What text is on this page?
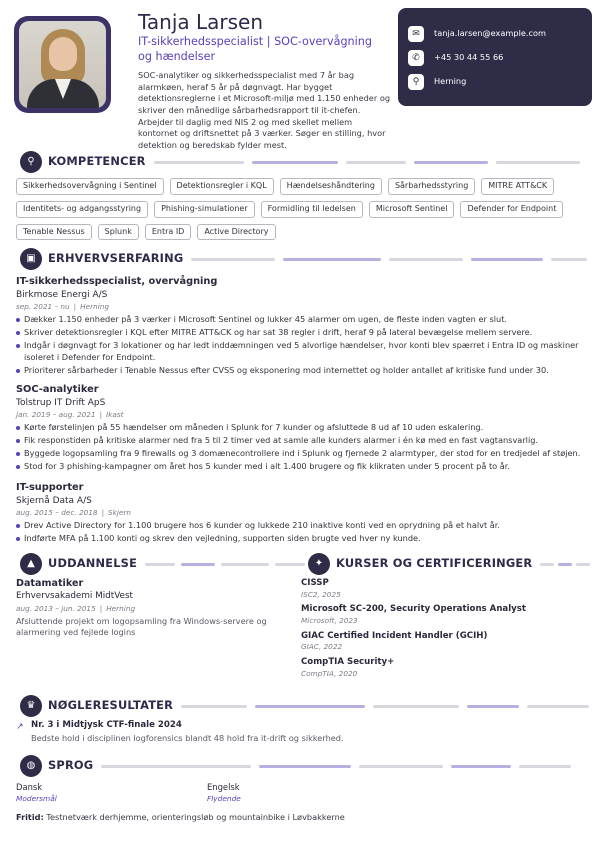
Tanja Larsen
IT-sikkerhedsspecialist | SOC-overvågning og hændelser
SOC-analytiker og sikkerhedsspecialist med 7 år bag alarmkøen, heraf 5 år på døgnvagt. Har bygget detektionsreglerne i et Microsoft-miljø med 1.150 enheder og skriver den månedlige sårbarhedsrapport til it-chefen. Arbejder til daglig med NIS 2 og med skellet mellem kontornet og driftsnettet på 3 værker. Søger en stilling, hvor detektion og beredskab fylder mest.
✉	tanja.larsen@example.com
✆	+45 30 44 55 66
⚲	Herning
⚲	KOMPETENCER
Sikkerhedsovervågning i Sentinel	Detektionsregler i KQL	Hændelseshåndtering	Sårbarhedsstyring	MITRE ATT&CK
Identitets- og adgangsstyring	Phishing-simulationer	Formidling til ledelsen	Microsoft Sentinel	Defender for Endpoint
Tenable Nessus	Splunk	Entra ID	Active Directory
▣	ERHVERVSERFARING
IT-sikkerhedsspecialist, overvågning
Birkmose Energi A/S
sep. 2021 – nu | Herning
Dækker 1.150 enheder på 3 værker i Microsoft Sentinel og lukker 45 alarmer om ugen, de fleste inden vagten er slut.
Skriver detektionsregler i KQL efter MITRE ATT&CK og har sat 38 regler i drift, heraf 9 på lateral bevægelse mellem servere.
Indgår i døgnvagt for 3 lokationer og har ledt inddæmningen ved 5 alvorlige hændelser, hvor konti blev spærret i Entra ID og maskiner isoleret i Defender for Endpoint.
Prioriterer sårbarheder i Tenable Nessus efter CVSS og eksponering mod internettet og holder antallet af kritiske fund under 30.
SOC-analytiker
Tolstrup IT Drift ApS
jan. 2019 – aug. 2021 | Ikast
Kørte førstelinjen på 55 hændelser om måneden i Splunk for 7 kunder og afsluttede 8 ud af 10 uden eskalering.
Fik responstiden på kritiske alarmer ned fra 5 til 2 timer ved at samle alle kunders alarmer i én kø med en fast vagtansvarlig.
Byggede logopsamling fra 9 firewalls og 3 domænecontrollere ind i Splunk og fjernede 2 alarmtyper, der stod for en tredjedel af støjen.
Stod for 3 phishing-kampagner om året hos 5 kunder med i alt 1.400 brugere og fik klikraten under 5 procent på to år.
IT-supporter
Skjernå Data A/S
aug. 2015 – dec. 2018 | Skjern
Drev Active Directory for 1.100 brugere hos 6 kunder og lukkede 210 inaktive konti ved en oprydning på et halvt år.
Indførte MFA på 1.100 konti og skrev den vejledning, supporten siden brugte ved hver ny kunde.
▲	UDDANNELSE
Datamatiker
Erhvervsakademi MidtVest
aug. 2013 – jun. 2015 | Herning
Afsluttende projekt om logopsamling fra Windows-servere og alarmering ved fejlede logins
✦	KURSER OG CERTIFICERINGER
CISSP
ISC2, 2025
Microsoft SC-200, Security Operations Analyst
Microsoft, 2023
GIAC Certified Incident Handler (GCIH)
GIAC, 2022
CompTIA Security+
CompTIA, 2020
♛	NØGLERESULTATER
↗ Nr. 3 i Midtjysk CTF-finale 2024
Bedste hold i disciplinen logforensics blandt 48 hold fra it-drift og sikkerhed.
◍	SPROG
Dansk
Modersmål
Engelsk
Flydende
Fritid: Testnetværk derhjemme, orienteringsløb og mountainbike i Løvbakkerne
